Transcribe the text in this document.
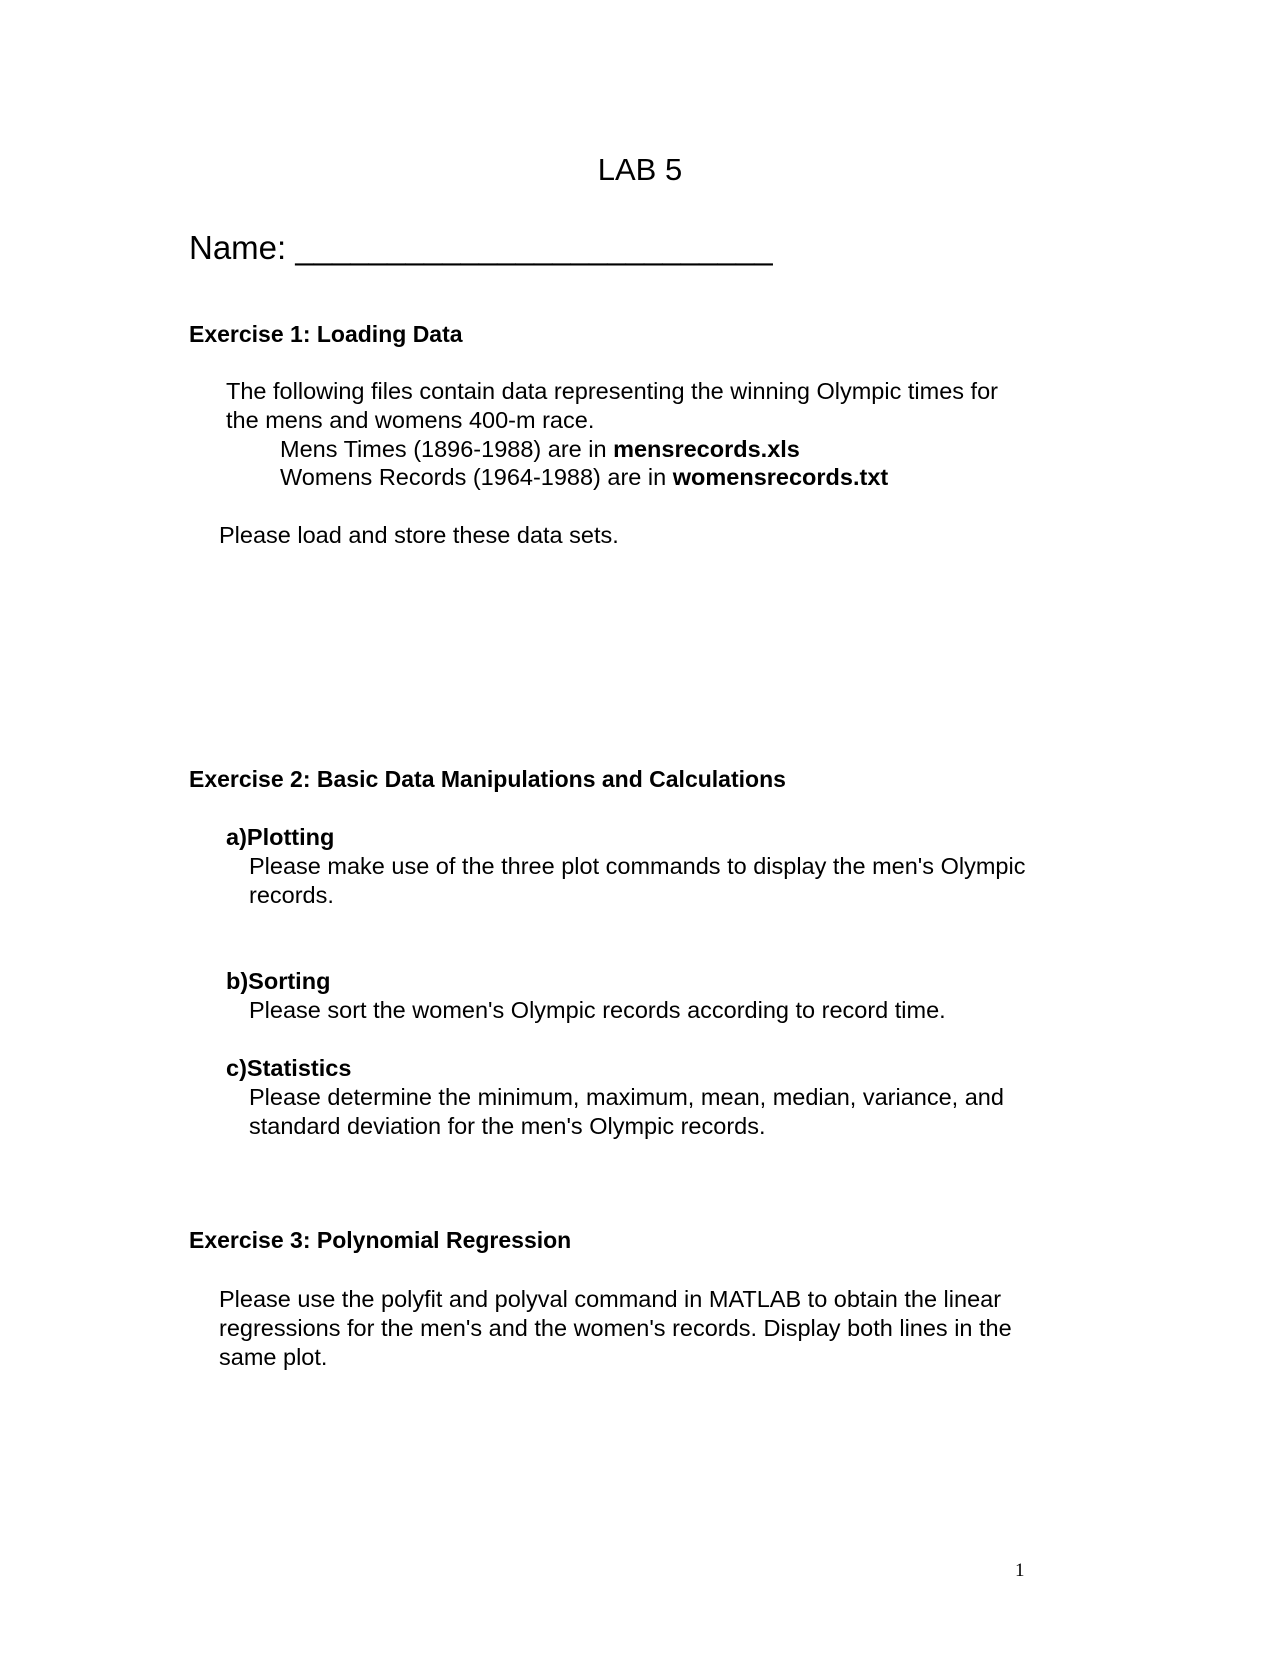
LAB 5
Name: __________________________
Exercise 1: Loading Data
The following files contain data representing the winning Olympic times for
the mens and womens 400-m race.
Mens Times (1896-1988) are in mensrecords.xls
Womens Records (1964-1988) are in womensrecords.txt
Please load and store these data sets.
Exercise 2: Basic Data Manipulations and Calculations
a)Plotting
Please make use of the three plot commands to display the men's Olympic
records.
b)Sorting
Please sort the women's Olympic records according to record time.
c)Statistics
Please determine the minimum, maximum, mean, median, variance, and
standard deviation for the men's Olympic records.
Exercise 3: Polynomial Regression
Please use the polyfit and polyval command in MATLAB to obtain the linear
regressions for the men's and the women's records. Display both lines in the
same plot.
1
